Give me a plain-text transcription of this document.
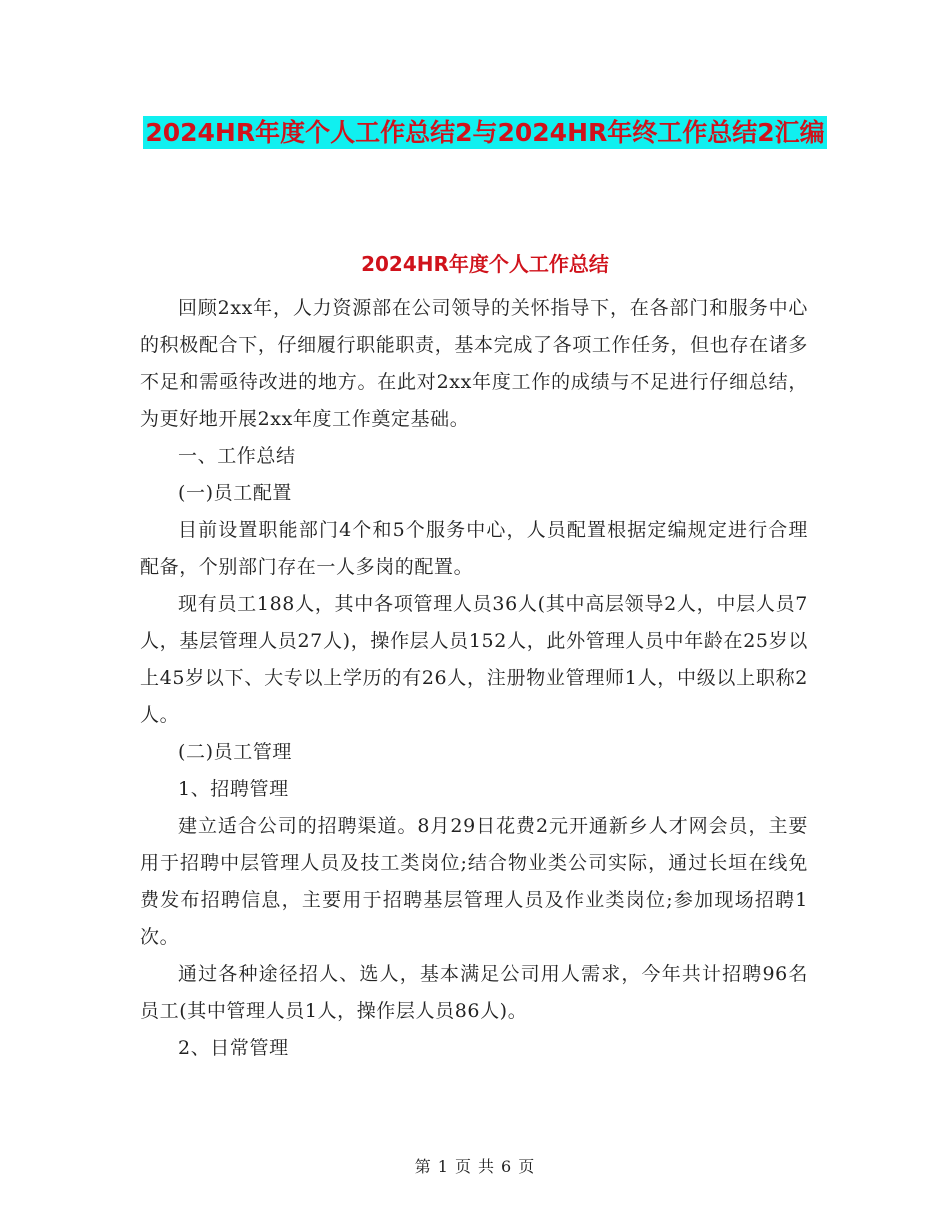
2024HR年度个人工作总结2与2024HR年终工作总结2汇编
2024HR年度个人工作总结

回顾2xx年，人力资源部在公司领导的关怀指导下，在各部门和服务中心的积极配合下，仔细履行职能职责，基本完成了各项工作任务，但也存在诸多不足和需亟待改进的地方。在此对2xx年度工作的成绩与不足进行仔细总结，为更好地开展2xx年度工作奠定基础。

一、工作总结

(一)员工配置

目前设置职能部门4个和5个服务中心，人员配置根据定编规定进行合理配备，个别部门存在一人多岗的配置。

现有员工188人，其中各项管理人员36人(其中高层领导2人，中层人员7人，基层管理人员27人)，操作层人员152人，此外管理人员中年龄在25岁以上45岁以下、大专以上学历的有26人，注册物业管理师1人，中级以上职称2人。

(二)员工管理

1、招聘管理

建立适合公司的招聘渠道。8月29日花费2元开通新乡人才网会员，主要用于招聘中层管理人员及技工类岗位;结合物业类公司实际，通过长垣在线免费发布招聘信息，主要用于招聘基层管理人员及作业类岗位;参加现场招聘1次。

通过各种途径招人、选人，基本满足公司用人需求，今年共计招聘96名员工(其中管理人员1人，操作层人员86人)。

2、日常管理

第 1 页 共 6 页
